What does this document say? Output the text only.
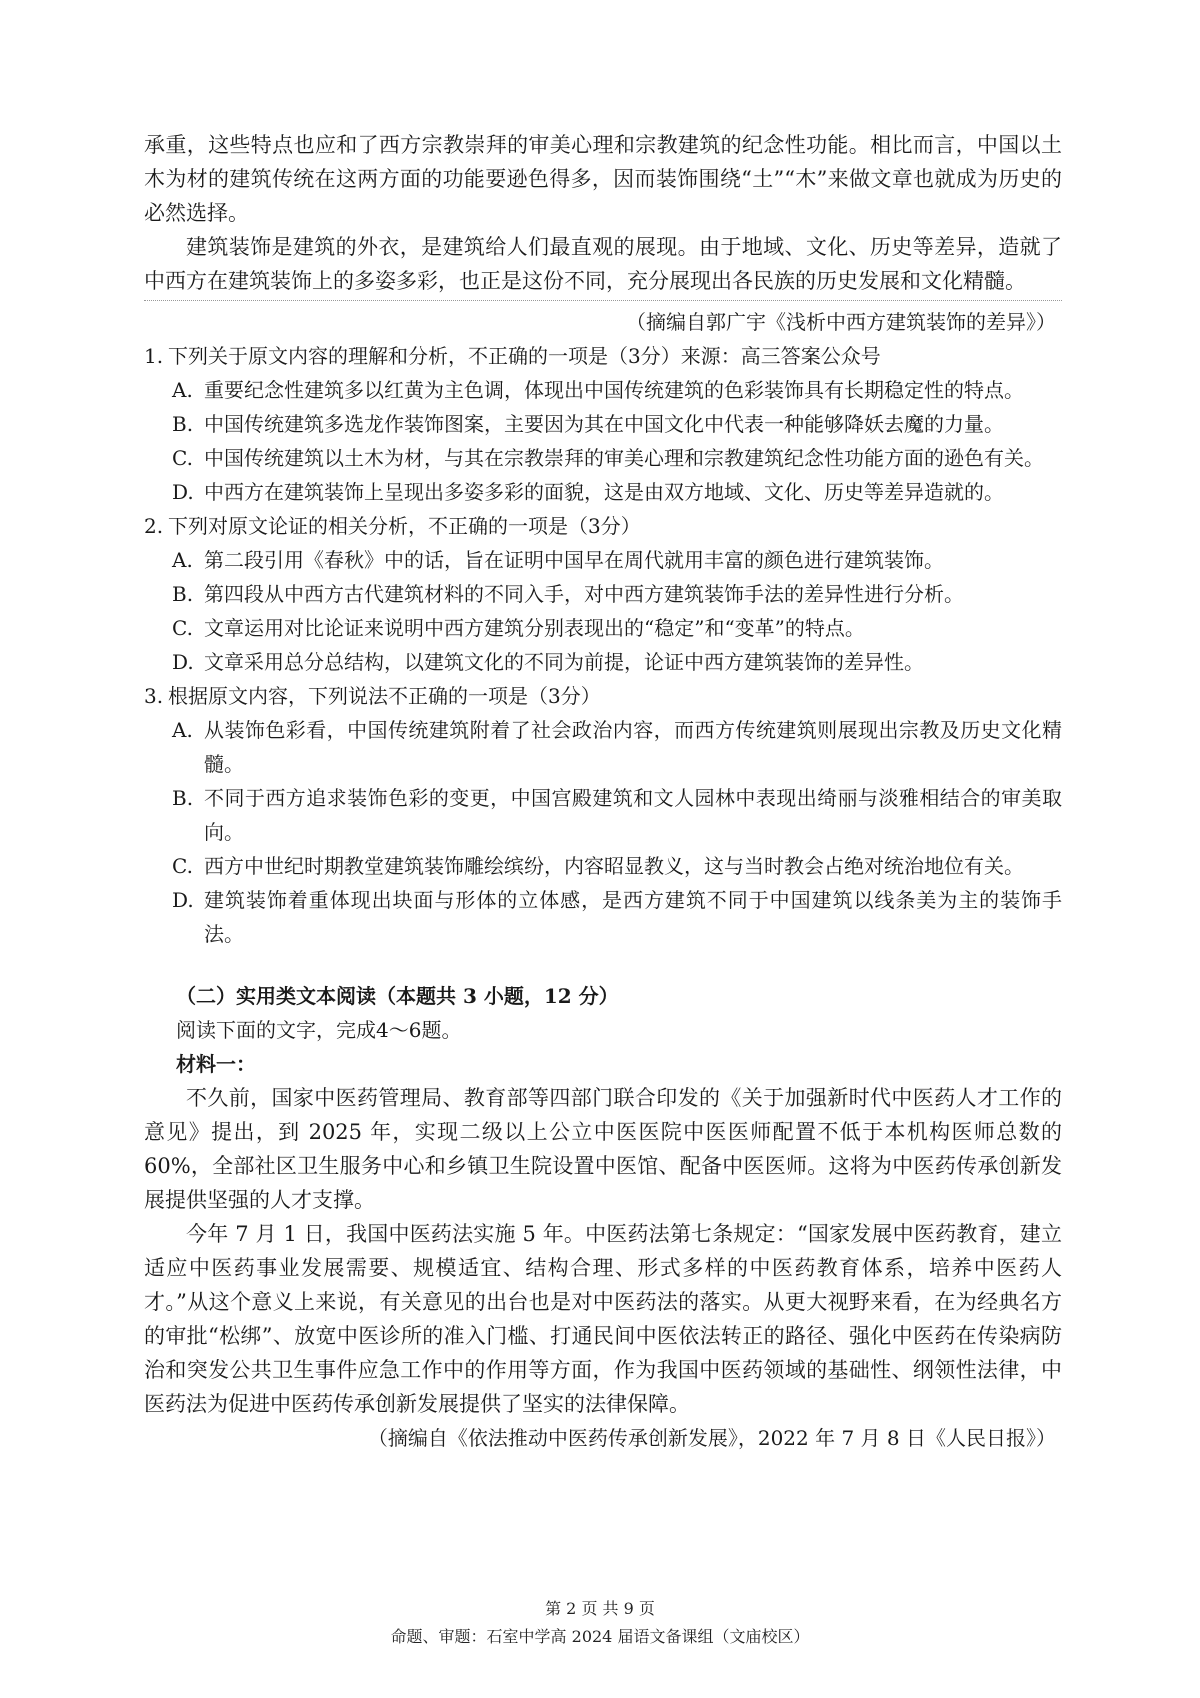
承重，这些特点也应和了西方宗教崇拜的审美心理和宗教建筑的纪念性功能。相比而言，中国以土木为材的建筑传统在这两方面的功能要逊色得多，因而装饰围绕“土”“木”来做文章也就成为历史的必然选择。

建筑装饰是建筑的外衣，是建筑给人们最直观的展现。由于地域、文化、历史等差异，造就了中西方在建筑装饰上的多姿多彩，也正是这份不同，充分展现出各民族的历史发展和文化精髓。

（摘编自郭广宇《浅析中西方建筑装饰的差异》）

1. 下列关于原文内容的理解和分析，不正确的一项是（3分）来源：高三答案公众号
A. 重要纪念性建筑多以红黄为主色调，体现出中国传统建筑的色彩装饰具有长期稳定性的特点。
B. 中国传统建筑多选龙作装饰图案，主要因为其在中国文化中代表一种能够降妖去魔的力量。
C. 中国传统建筑以土木为材，与其在宗教崇拜的审美心理和宗教建筑纪念性功能方面的逊色有关。
D. 中西方在建筑装饰上呈现出多姿多彩的面貌，这是由双方地域、文化、历史等差异造就的。
2. 下列对原文论证的相关分析，不正确的一项是（3分）
A. 第二段引用《春秋》中的话，旨在证明中国早在周代就用丰富的颜色进行建筑装饰。
B. 第四段从中西方古代建筑材料的不同入手，对中西方建筑装饰手法的差异性进行分析。
C. 文章运用对比论证来说明中西方建筑分别表现出的“稳定”和“变革”的特点。
D. 文章采用总分总结构，以建筑文化的不同为前提，论证中西方建筑装饰的差异性。
3. 根据原文内容，下列说法不正确的一项是（3分）
A. 从装饰色彩看，中国传统建筑附着了社会政治内容，而西方传统建筑则展现出宗教及历史文化精髓。
B. 不同于西方追求装饰色彩的变更，中国宫殿建筑和文人园林中表现出绮丽与淡雅相结合的审美取向。
C. 西方中世纪时期教堂建筑装饰雕绘缤纷，内容昭显教义，这与当时教会占绝对统治地位有关。
D. 建筑装饰着重体现出块面与形体的立体感，是西方建筑不同于中国建筑以线条美为主的装饰手法。

（二）实用类文本阅读（本题共 3 小题，12 分）

阅读下面的文字，完成4～6题。

材料一：

不久前，国家中医药管理局、教育部等四部门联合印发的《关于加强新时代中医药人才工作的意见》提出，到 2025 年，实现二级以上公立中医医院中医医师配置不低于本机构医师总数的 60%，全部社区卫生服务中心和乡镇卫生院设置中医馆、配备中医医师。这将为中医药传承创新发展提供坚强的人才支撑。

今年 7 月 1 日，我国中医药法实施 5 年。中医药法第七条规定：“国家发展中医药教育，建立适应中医药事业发展需要、规模适宜、结构合理、形式多样的中医药教育体系，培养中医药人才。”从这个意义上来说，有关意见的出台也是对中医药法的落实。从更大视野来看，在为经典名方的审批“松绑”、放宽中医诊所的准入门槛、打通民间中医依法转正的路径、强化中医药在传染病防治和突发公共卫生事件应急工作中的作用等方面，作为我国中医药领域的基础性、纲领性法律，中医药法为促进中医药传承创新发展提供了坚实的法律保障。

（摘编自《依法推动中医药传承创新发展》，2022 年 7 月 8 日《人民日报》）

第 2 页 共 9 页
命题、审题：石室中学高 2024 届语文备课组（文庙校区）
